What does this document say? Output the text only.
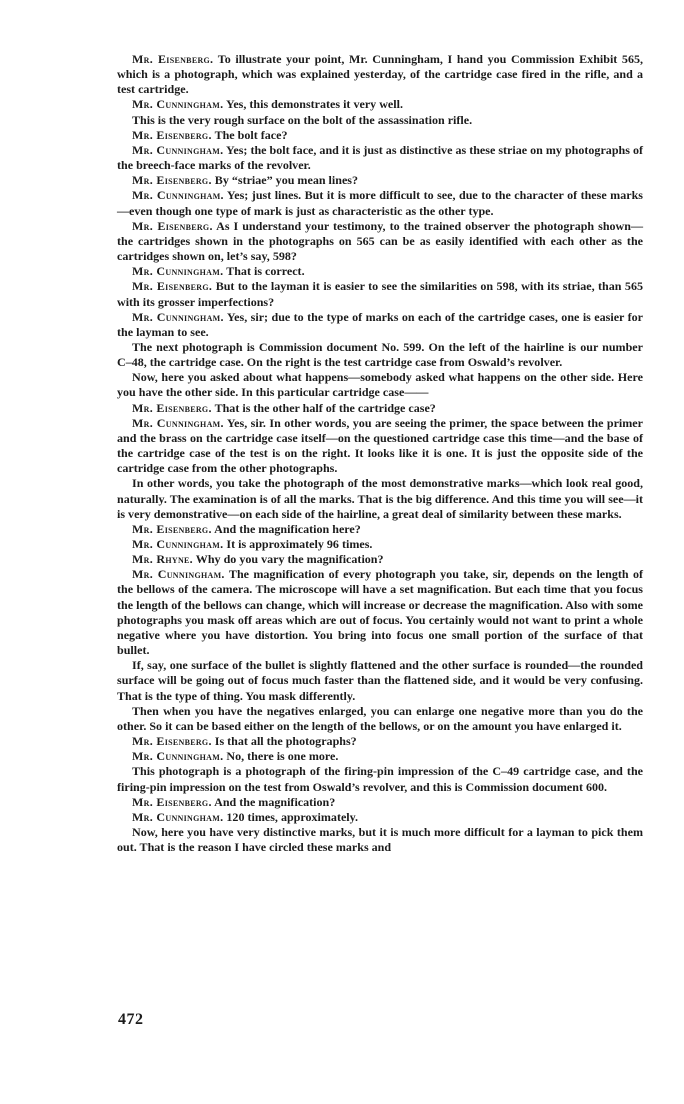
Mr. Eisenberg. To illustrate your point, Mr. Cunningham, I hand you Commission Exhibit 565, which is a photograph, which was explained yesterday, of the cartridge case fired in the rifle, and a test cartridge.

Mr. Cunningham. Yes, this demonstrates it very well.

This is the very rough surface on the bolt of the assassination rifle.

Mr. Eisenberg. The bolt face?

Mr. Cunningham. Yes; the bolt face, and it is just as distinctive as these striae on my photographs of the breech-face marks of the revolver.

Mr. Eisenberg. By “striae” you mean lines?

Mr. Cunningham. Yes; just lines. But it is more difficult to see, due to the character of these marks—even though one type of mark is just as characteristic as the other type.

Mr. Eisenberg. As I understand your testimony, to the trained observer the photograph shown—the cartridges shown in the photographs on 565 can be as easily identified with each other as the cartridges shown on, let’s say, 598?

Mr. Cunningham. That is correct.

Mr. Eisenberg. But to the layman it is easier to see the similarities on 598, with its striae, than 565 with its grosser imperfections?

Mr. Cunningham. Yes, sir; due to the type of marks on each of the cartridge cases, one is easier for the layman to see.

The next photograph is Commission document No. 599. On the left of the hairline is our number C–48, the cartridge case. On the right is the test cartridge case from Oswald’s revolver.

Now, here you asked about what happens—somebody asked what happens on the other side. Here you have the other side. In this particular cartridge case——

Mr. Eisenberg. That is the other half of the cartridge case?

Mr. Cunningham. Yes, sir. In other words, you are seeing the primer, the space between the primer and the brass on the cartridge case itself—on the questioned cartridge case this time—and the base of the cartridge case of the test is on the right. It looks like it is one. It is just the opposite side of the cartridge case from the other photographs.

In other words, you take the photograph of the most demonstrative marks—which look real good, naturally. The examination is of all the marks. That is the big difference. And this time you will see—it is very demonstrative—on each side of the hairline, a great deal of similarity between these marks.

Mr. Eisenberg. And the magnification here?

Mr. Cunningham. It is approximately 96 times.

Mr. Rhyne. Why do you vary the magnification?

Mr. Cunningham. The magnification of every photograph you take, sir, depends on the length of the bellows of the camera. The microscope will have a set magnification. But each time that you focus the length of the bellows can change, which will increase or decrease the magnification. Also with some photographs you mask off areas which are out of focus. You certainly would not want to print a whole negative where you have distortion. You bring into focus one small portion of the surface of that bullet.

If, say, one surface of the bullet is slightly flattened and the other surface is rounded—the rounded surface will be going out of focus much faster than the flattened side, and it would be very confusing. That is the type of thing. You mask differently.

Then when you have the negatives enlarged, you can enlarge one negative more than you do the other. So it can be based either on the length of the bellows, or on the amount you have enlarged it.

Mr. Eisenberg. Is that all the photographs?

Mr. Cunningham. No, there is one more.

This photograph is a photograph of the firing-pin impression of the C–49 cartridge case, and the firing-pin impression on the test from Oswald’s revolver, and this is Commission document 600.

Mr. Eisenberg. And the magnification?

Mr. Cunningham. 120 times, approximately.

Now, here you have very distinctive marks, but it is much more difficult for a layman to pick them out. That is the reason I have circled these marks and

472
